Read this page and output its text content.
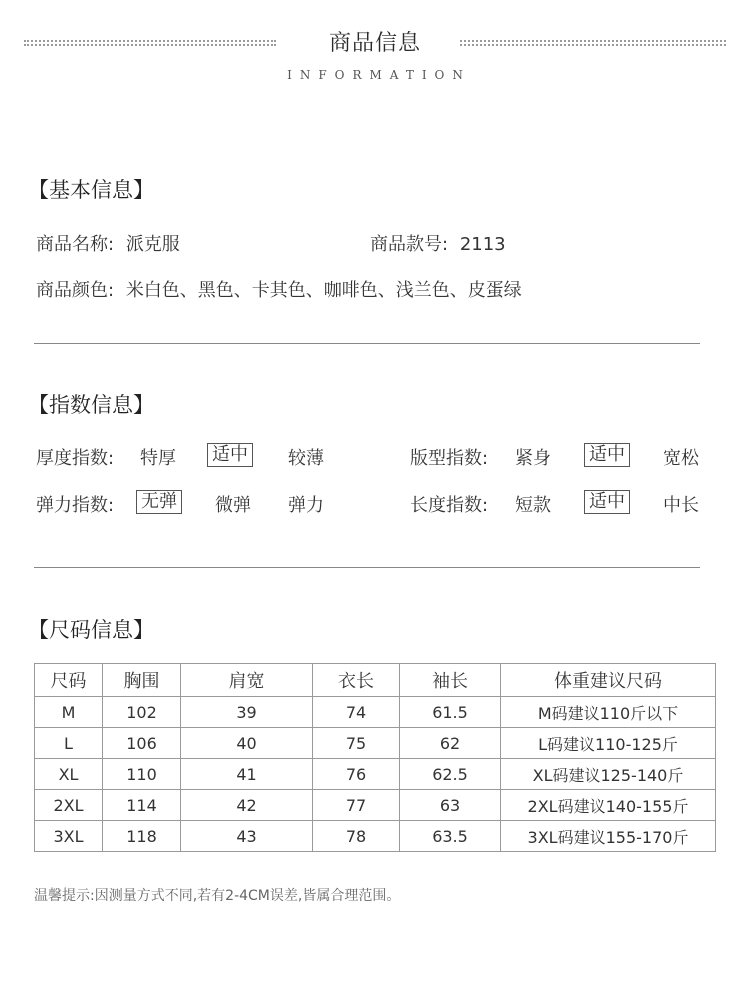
商品信息
INFORMATION
【基本信息】
商品名称: 派克服	商品款号: 2113
商品颜色: 米白色、黑色、卡其色、咖啡色、浅兰色、皮蛋绿
【指数信息】
厚度指数: 特厚 适中 较薄	版型指数: 紧身 适中 宽松
弹力指数: 无弹 微弹 弹力	长度指数: 短款 适中 中长
【尺码信息】
尺码	胸围	肩宽	衣长	袖长	体重建议尺码
M	102	39	74	61.5	M码建议110斤以下
L	106	40	75	62	L码建议110-125斤
XL	110	41	76	62.5	XL码建议125-140斤
2XL	114	42	77	63	2XL码建议140-155斤
3XL	118	43	78	63.5	3XL码建议155-170斤
温馨提示:因测量方式不同,若有2-4CM误差,皆属合理范围。
